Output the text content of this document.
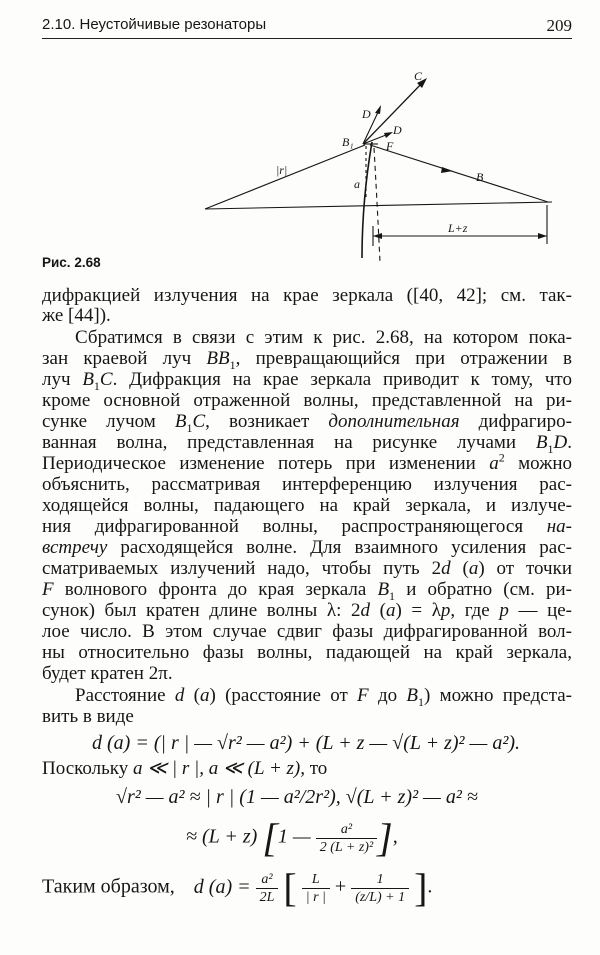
2.10. Неустойчивые резонаторы	209
C
D
D
B₁	F
|r|
a	B
L+z
Рис. 2.68
дифракцией излучения на крае зеркала ([40, 42]; см. так-
же [44]).
Сбратимся в связи с этим к рис. 2.68, на котором пока-
зан краевой луч $BB_1$, превращающийся при отражении в
луч $B_1C$. Дифракция на крае зеркала приводит к тому, что
кроме основной отраженной волны, представленной на ри-
сунке лучом $B_1C$, возникает дополнительная дифрагиро-
ванная волна, представленная на рисунке лучами $B_1D$.
Периодическое изменение потерь при изменении $a^2$ можно
объяснить, рассматривая интерференцию излучения рас-
ходящейся волны, падающего на край зеркала, и излуче-
ния дифрагированной волны, распространяющегося на-
встречу расходящейся волне. Для взаимного усиления рас-
сматриваемых излучений надо, чтобы путь 2d (a) от точки
F волнового фронта до края зеркала $B_1$ и обратно (см. ри-
сунок) был кратен длине волны λ: 2d (a) = λp, где p — це-
лое число. В этом случае сдвиг фазы дифрагированной вол-
ны относительно фазы волны, падающей на край зеркала,
будет кратен 2π.
Расстояние d (a) (расстояние от F до $B_1$) можно предста-
вить в виде
d (a) = (| r | — √r² — a²) + (L + z — √(L + z)² — a²).
Поскольку a ≪ | r |, a ≪ (L + z), то
√r² — a² ≈ | r | (1 — a²/2r²), √(L + z)² — a² ≈
≈ (L + z) [1 — $\frac{\text{a²}}{\text{2 (L + z)²}}$ ],
Таким образом, d $(a) = \frac{\text{a²}}{2L}$ [ $\frac{L}{| r |} + \frac{1}{(z/L) + 1}$ ].
